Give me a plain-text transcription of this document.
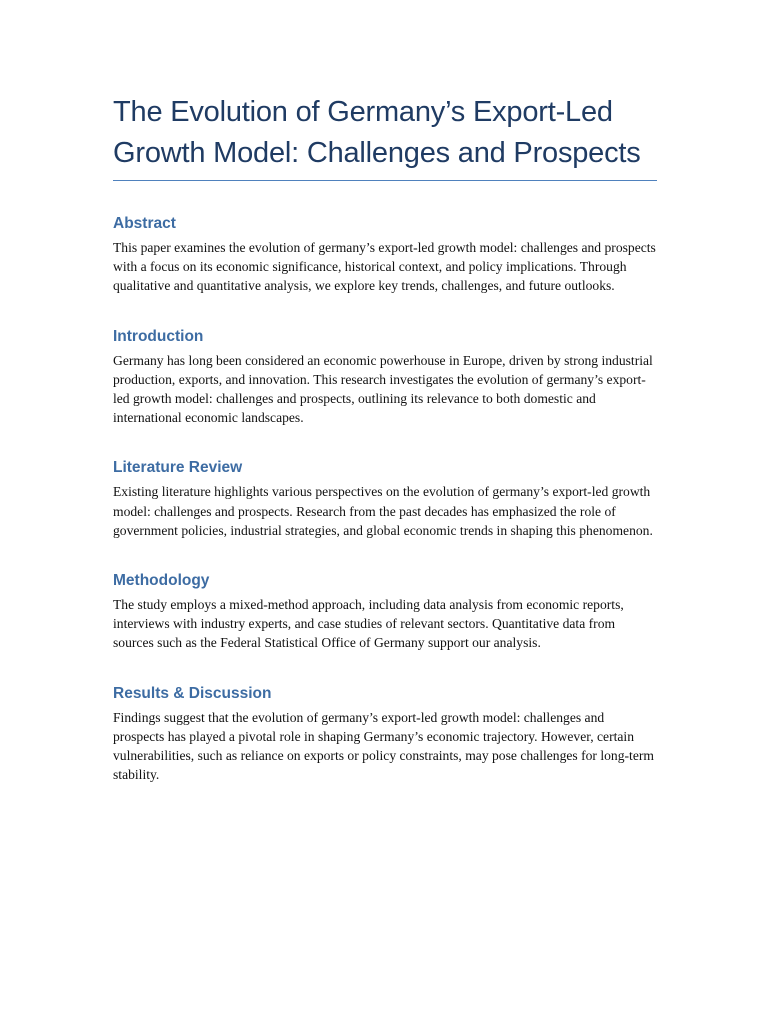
The Evolution of Germany’s Export-Led Growth Model: Challenges and Prospects
Abstract

This paper examines the evolution of germany’s export-led growth model: challenges and prospects with a focus on its economic significance, historical context, and policy implications. Through qualitative and quantitative analysis, we explore key trends, challenges, and future outlooks.

Introduction

Germany has long been considered an economic powerhouse in Europe, driven by strong industrial production, exports, and innovation. This research investigates the evolution of germany’s export-led growth model: challenges and prospects, outlining its relevance to both domestic and international economic landscapes.

Literature Review

Existing literature highlights various perspectives on the evolution of germany’s export-led growth model: challenges and prospects. Research from the past decades has emphasized the role of government policies, industrial strategies, and global economic trends in shaping this phenomenon.

Methodology

The study employs a mixed-method approach, including data analysis from economic reports, interviews with industry experts, and case studies of relevant sectors. Quantitative data from sources such as the Federal Statistical Office of Germany support our analysis.

Results & Discussion

Findings suggest that the evolution of germany’s export-led growth model: challenges and prospects has played a pivotal role in shaping Germany’s economic trajectory. However, certain vulnerabilities, such as reliance on exports or policy constraints, may pose challenges for long-term stability.
